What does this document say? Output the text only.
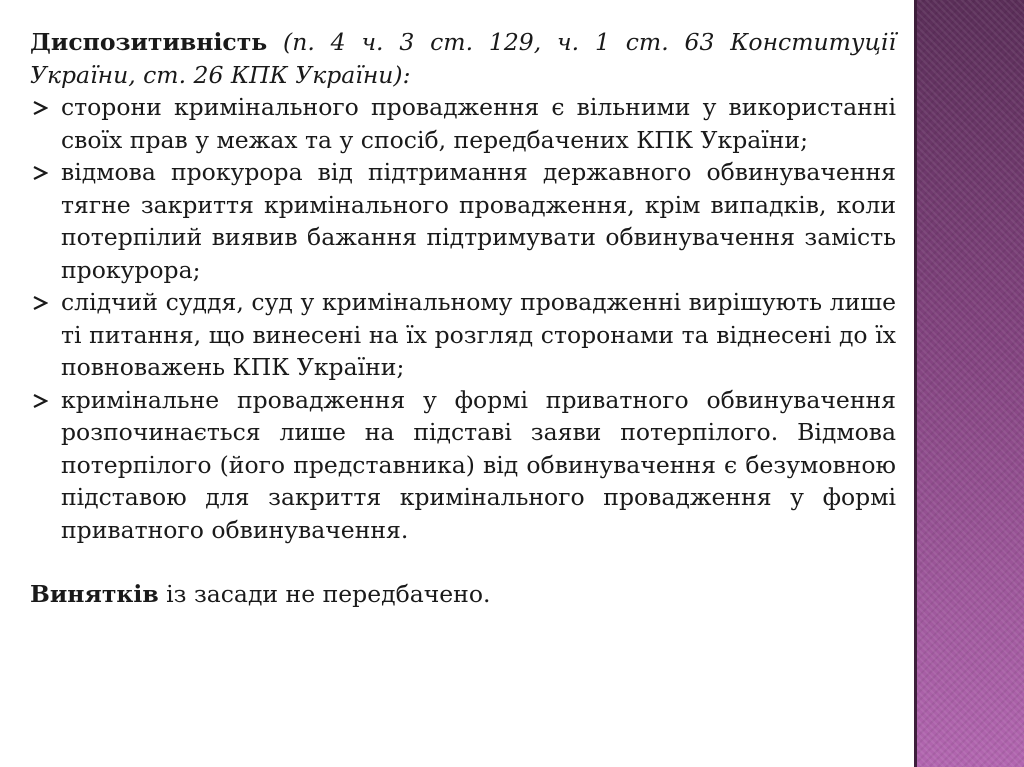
Диспозитивність (п. 4 ч. 3 ст. 129, ч. 1 ст. 63 Конституції України, ст. 26 КПК України):

сторони кримінального провадження є вільними у використанні своїх прав у межах та у спосіб, передбачених КПК України;
відмова прокурора від підтримання державного обвинувачення тягне закриття кримінального провадження, крім випадків, коли потерпілий виявив бажання підтримувати обвинувачення замість прокурора;
слідчий суддя, суд у кримінальному провадженні вирішують лише ті питання, що винесені на їх розгляд сторонами та віднесені до їх повноважень КПК України;
кримінальне провадження у формі приватного обвинувачення розпочинається лише на підставі заяви потерпілого. Відмова потерпілого (його представника) від обвинувачення є безумовною підставою для закриття кримінального провадження у формі приватного обвинувачення.

Винятків із засади не передбачено.
